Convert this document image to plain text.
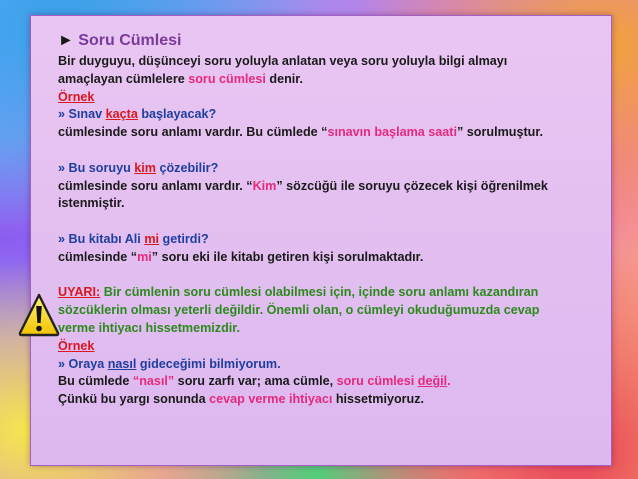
► Soru Cümlesi
Bir duyguyu, düşünceyi soru yoluyla anlatan veya soru yoluyla bilgi almayı
amaçlayan cümlelere soru cümlesi denir.
Örnek
» Sınav kaçta başlayacak?
cümlesinde soru anlamı vardır. Bu cümlede “sınavın başlama saati” sorulmuştur.
» Bu soruyu kim çözebilir?
cümlesinde soru anlamı vardır. “Kim” sözcüğü ile soruyu çözecek kişi öğrenilmek
istenmiştir.
» Bu kitabı Ali mi getirdi?
cümlesinde “mi” soru eki ile kitabı getiren kişi sorulmaktadır.
UYARI: Bir cümlenin soru cümlesi olabilmesi için, içinde soru anlamı kazandıran
sözcüklerin olması yeterli değildir. Önemli olan, o cümleyi okuduğumuzda cevap
verme ihtiyacı hissetmemizdir.
Örnek
» Oraya nasıl gideceğimi bilmiyorum.
Bu cümlede “nasıl” soru zarfı var; ama cümle, soru cümlesi değil.
Çünkü bu yargı sonunda cevap verme ihtiyacı hissetmiyoruz.
